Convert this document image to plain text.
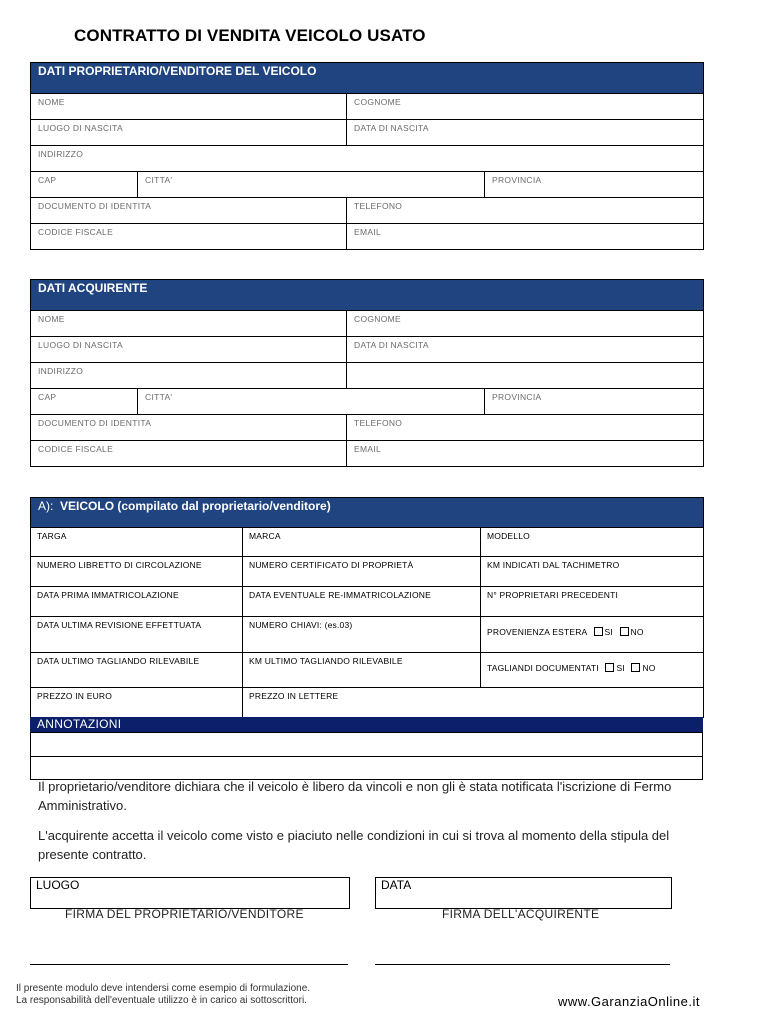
CONTRATTO DI VENDITA VEICOLO USATO
DATI PROPRIETARIO/VENDITORE DEL VEICOLO			

NOME		COGNOME	

LUOGO DI NASCITA		DATA DI NASCITA	

INDIRIZZO			

CAP	CITTA'		PROVINCIA

DOCUMENTO DI IDENTITA		TELEFONO	

CODICE FISCALE		EMAIL	
DATI ACQUIRENTE			

NOME		COGNOME	

LUOGO DI NASCITA		DATA DI NASCITA	

INDIRIZZO			

CAP	CITTA'		PROVINCIA

DOCUMENTO DI IDENTITA		TELEFONO	

CODICE FISCALE		EMAIL	
A): VEICOLO (compilato dal proprietario/venditore)		

TARGA	MARCA	MODELLO

NUMERO LIBRETTO DI CIRCOLAZIONE	NUMERO CERTIFICATO DI PROPRIETÀ	KM INDICATI DAL TACHIMETRO

DATA PRIMA IMMATRICOLAZIONE	DATA EVENTUALE RE-IMMATRICOLAZIONE	N° PROPRIETARI PRECEDENTI

DATA ULTIMA REVISIONE EFFETTUATA	NUMERO CHIAVI: (es.03)	PROVENIENZA ESTERA SI NO

DATA ULTIMO TAGLIANDO RILEVABILE	KM ULTIMO TAGLIANDO RILEVABILE	TAGLIANDI DOCUMENTATI SI NO

PREZZO IN EURO	PREZZO IN LETTERE	
ANNOTAZIONI

Il proprietario/venditore dichiara che il veicolo è libero da vincoli e non gli è stata notificata l'iscrizione di Fermo Amministrativo.

L'acquirente accetta il veicolo come visto e piaciuto nelle condizioni in cui si trova al momento della stipula del presente contratto.

LUOGO	DATA
FIRMA DEL PROPRIETARIO/VENDITORE	FIRMA DELL'ACQUIRENTE
Il presente modulo deve intendersi come esempio di formulazione.
La responsabilità dell'eventuale utilizzo è in carico ai sottoscrittori.	www.GaranziaOnline.it
